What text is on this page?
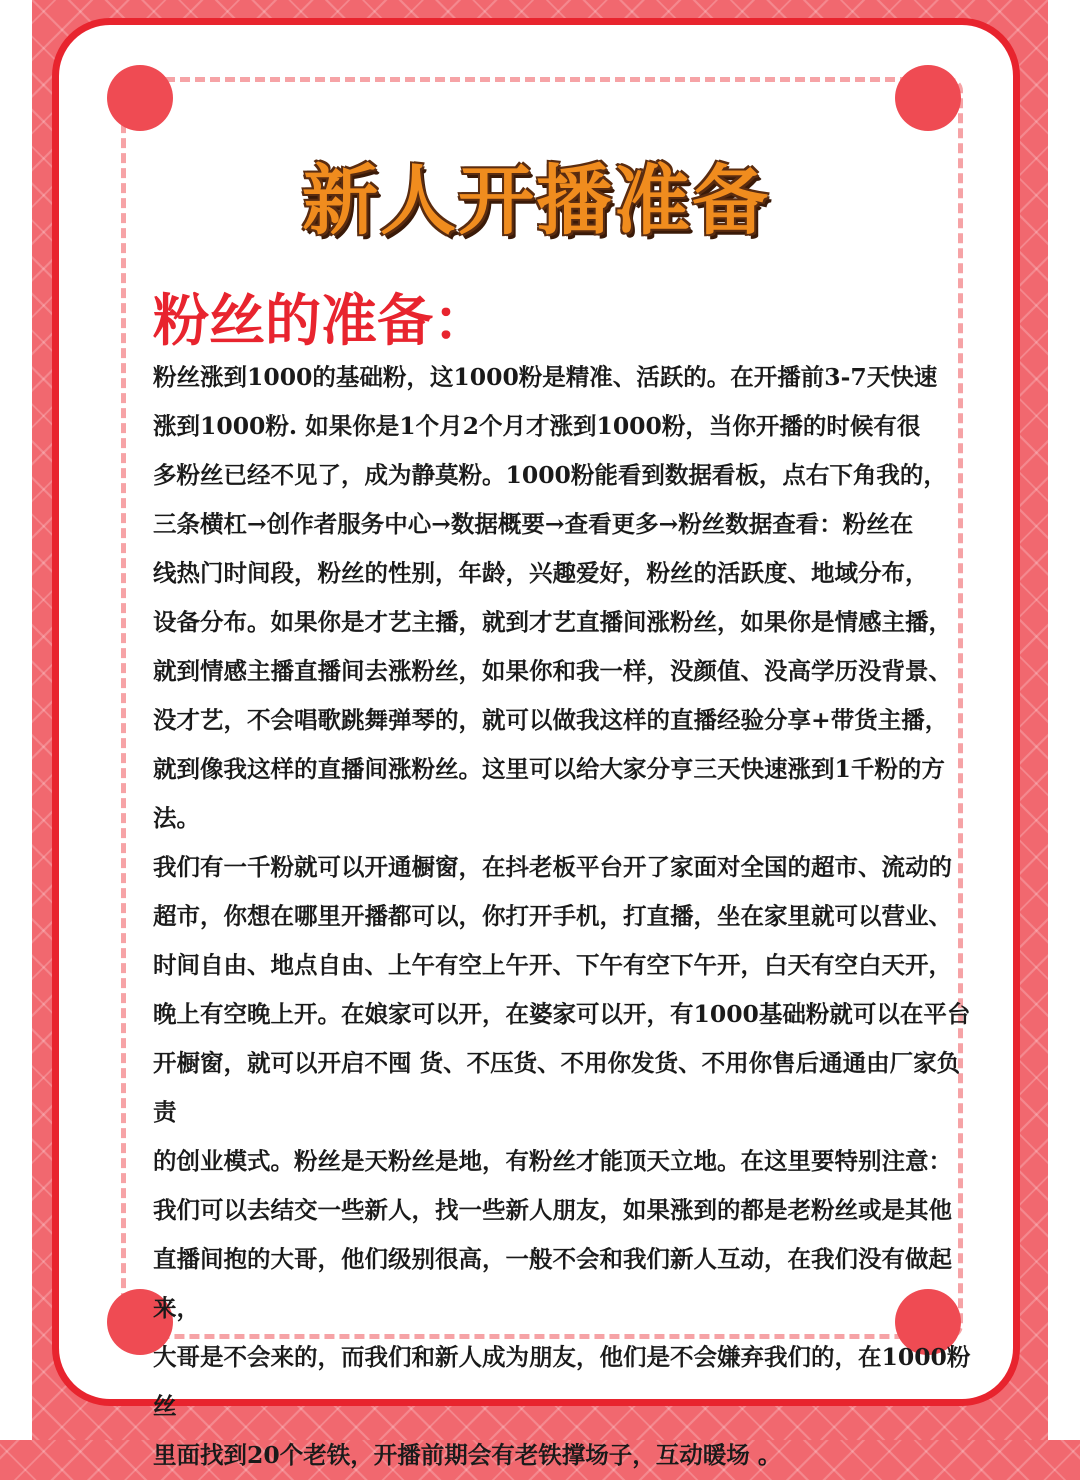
新人开播准备
粉丝的准备：

粉丝涨到1000的基础粉，这1000粉是精准、活跃的。在开播前3-7天快速
涨到1000粉. 如果你是1个月2个月才涨到1000粉，当你开播的时候有很
多粉丝已经不见了，成为静莫粉。1000粉能看到数据看板，点右下角我的，
三条横杠→创作者服务中心→数据概要→查看更多→粉丝数据查看：粉丝在
线热门时间段，粉丝的性别，年龄，兴趣爱好，粉丝的活跃度、地域分布，
设备分布。如果你是才艺主播，就到才艺直播间涨粉丝，如果你是情感主播，
就到情感主播直播间去涨粉丝，如果你和我一样，没颜值、没高学历没背景、
没才艺，不会唱歌跳舞弹琴的，就可以做我这样的直播经验分享+带货主播，
就到像我这样的直播间涨粉丝。这里可以给大家分亨三天快速涨到1千粉的方法。
我们有一千粉就可以开通橱窗，在抖老板平台开了家面对全国的超市、流动的
超市，你想在哪里开播都可以，你打开手机，打直播，坐在家里就可以营业、
时间自由、地点自由、上午有空上午开、下午有空下午开，白天有空白天开，
晚上有空晚上开。在娘家可以开，在婆家可以开，有1000基础粉就可以在平台
开橱窗，就可以开启不囤 货、不压货、不用你发货、不用你售后通通由厂家负责
的创业模式。粉丝是天粉丝是地，有粉丝才能顶天立地。在这里要特别注意：
我们可以去结交一些新人，找一些新人朋友，如果涨到的都是老粉丝或是其他
直播间抱的大哥，他们级别很高，一般不会和我们新人互动，在我们没有做起来，
大哥是不会来的，而我们和新人成为朋友，他们是不会嫌弃我们的，在1000粉丝
里面找到20个老铁，开播前期会有老铁撑场子，互动暖场 。
